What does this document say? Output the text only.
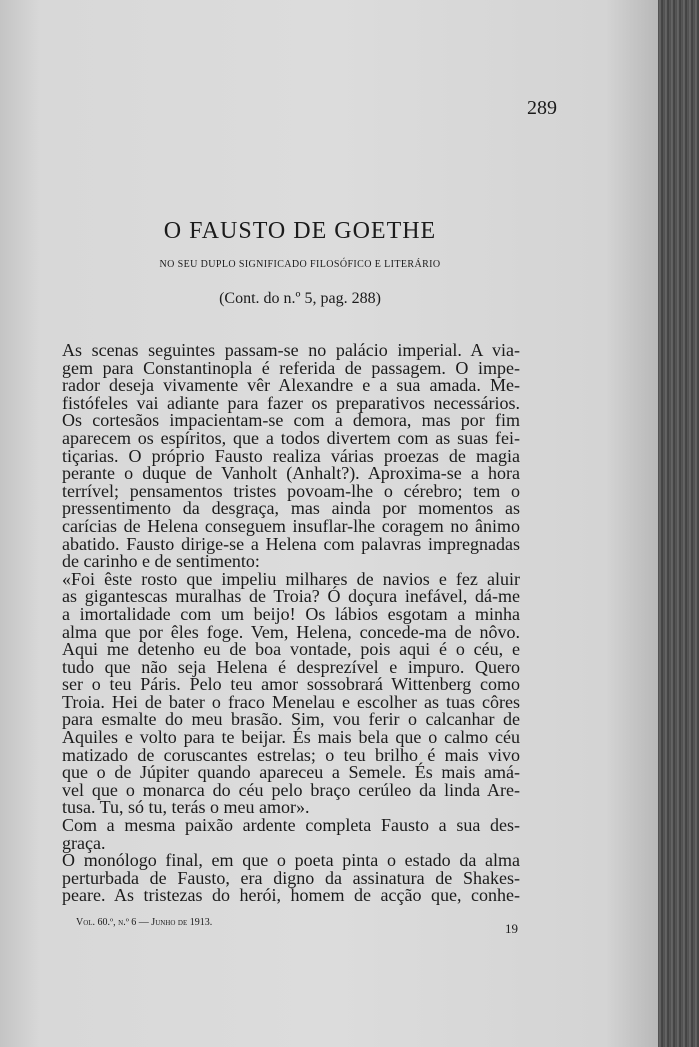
289
O FAUSTO DE GOETHE
NO SEU DUPLO SIGNIFICADO FILOSÓFICO E LITERÁRIO
(Cont. do n.º 5, pag. 288)
As scenas seguintes passam-se no palácio imperial. A via-
gem para Constantinopla é referida de passagem. O impe-
rador deseja vivamente vêr Alexandre e a sua amada. Me-
fistófeles vai adiante para fazer os preparativos necessários.
Os cortesãos impacientam-se com a demora, mas por fim
aparecem os espíritos, que a todos divertem com as suas fei-
tiçarias. O próprio Fausto realiza várias proezas de magia
perante o duque de Vanholt (Anhalt?). Aproxima-se a hora
terrível; pensamentos tristes povoam-lhe o cérebro; tem o
pressentimento da desgraça, mas ainda por momentos as
carícias de Helena conseguem insuflar-lhe coragem no ânimo
abatido. Fausto dirige-se a Helena com palavras impregnadas
de carinho e de sentimento:
«Foi êste rosto que impeliu milhares de navios e fez aluir
as gigantescas muralhas de Troia? Ó doçura inefável, dá-me
a imortalidade com um beijo! Os lábios esgotam a minha
alma que por êles foge. Vem, Helena, concede-ma de nôvo.
Aqui me detenho eu de boa vontade, pois aqui é o céu, e
tudo que não seja Helena é desprezível e impuro. Quero
ser o teu Páris. Pelo teu amor sossobrará Wittenberg como
Troia. Hei de bater o fraco Menelau e escolher as tuas côres
para esmalte do meu brasão. Sim, vou ferir o calcanhar de
Aquiles e volto para te beijar. És mais bela que o calmo céu
matizado de coruscantes estrelas; o teu brilho é mais vivo
que o de Júpiter quando apareceu a Semele. És mais amá-
vel que o monarca do céu pelo braço cerúleo da linda Are-
tusa. Tu, só tu, terás o meu amor».
Com a mesma paixão ardente completa Fausto a sua des-
graça.
O monólogo final, em que o poeta pinta o estado da alma
perturbada de Fausto, era digno da assinatura de Shakes-
peare. As tristezas do herói, homem de acção que, conhe-
Vol. 60.º, n.º 6 — Junho de 1913.	19
